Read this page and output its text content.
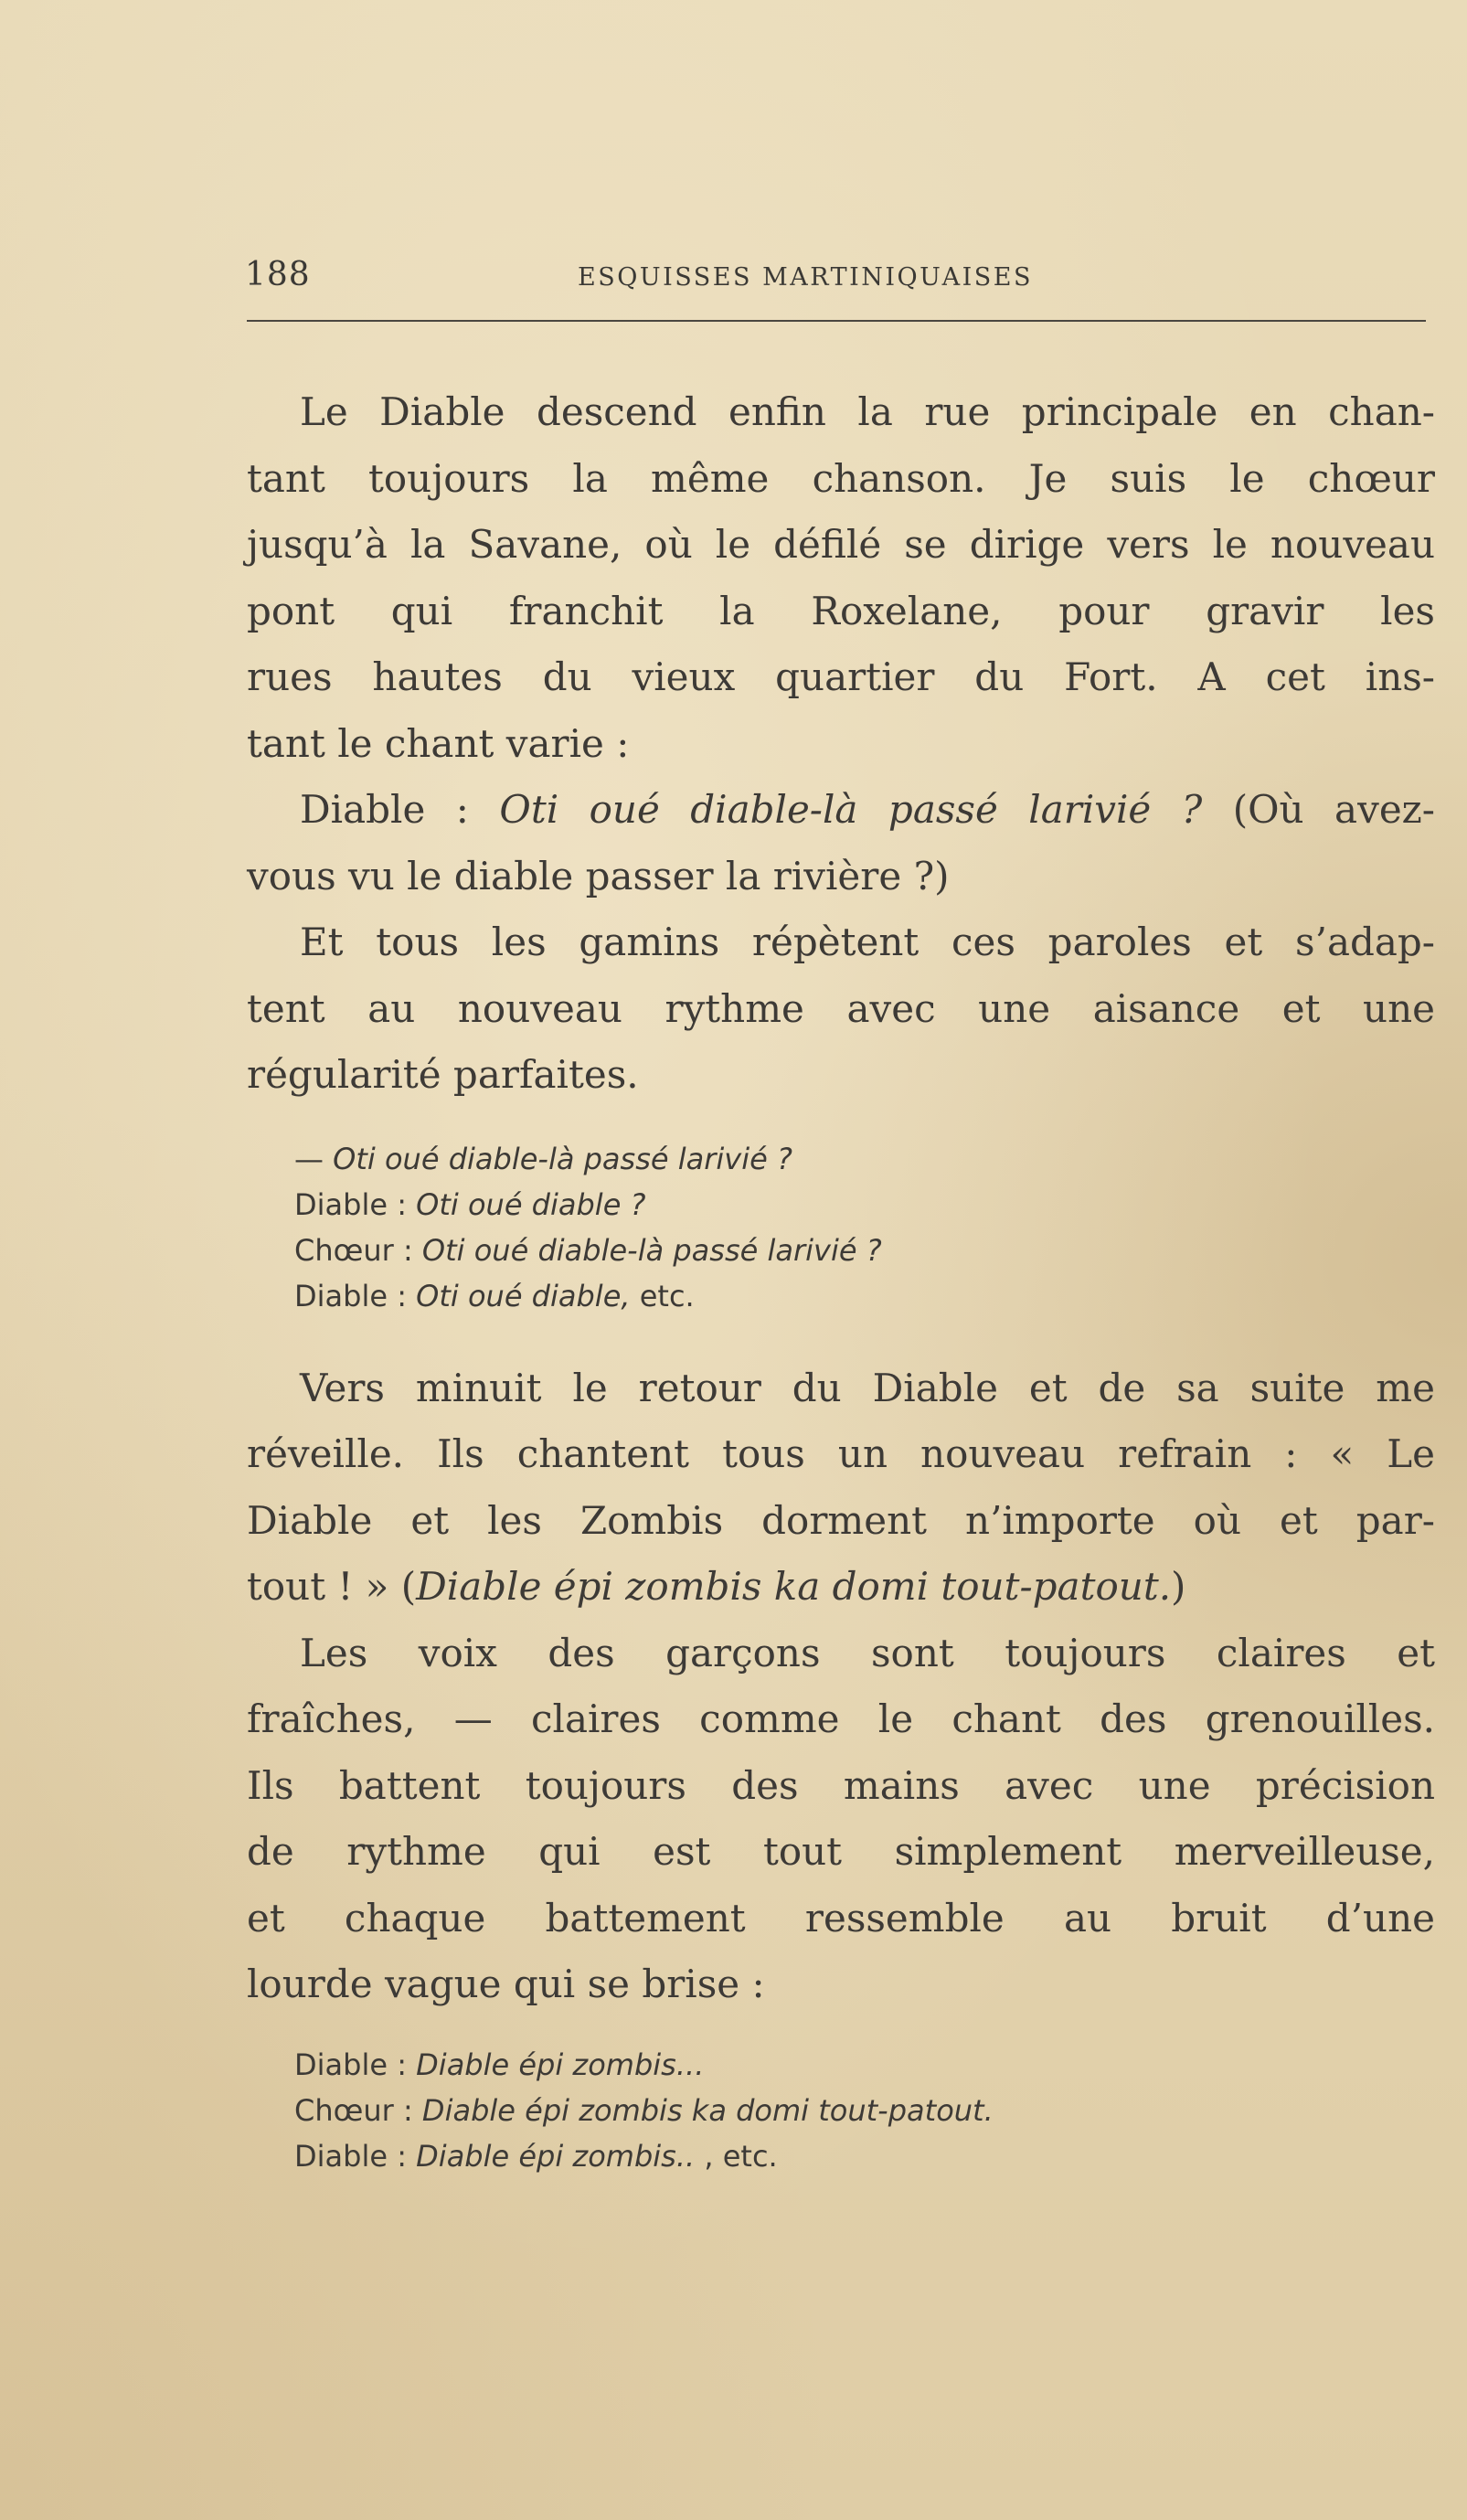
188	ESQUISSES MARTINIQUAISES
Le Diable descend enfin la rue principale en chan-
tant toujours la même chanson. Je suis le chœur
jusqu’à la Savane, où le défilé se dirige vers le nouveau
pont qui franchit la Roxelane, pour gravir les
rues hautes du vieux quartier du Fort. A cet ins-
tant le chant varie :
Diable : Oti oué diable-là passé larivié ? (Où avez-
vous vu le diable passer la rivière ?)
Et tous les gamins répètent ces paroles et s’adap-
tent au nouveau rythme avec une aisance et une
régularité parfaites.
— Oti oué diable-là passé larivié ?
Diable : Oti oué diable ?
Chœur : Oti oué diable-là passé larivié ?
Diable : Oti oué diable, etc.
Vers minuit le retour du Diable et de sa suite me
réveille. Ils chantent tous un nouveau refrain : « Le
Diable et les Zombis dorment n’importe où et par-
tout ! » (Diable épi zombis ka domi tout-patout.)
Les voix des garçons sont toujours claires et
fraîches, — claires comme le chant des grenouilles.
Ils battent toujours des mains avec une précision
de rythme qui est tout simplement merveilleuse,
et chaque battement ressemble au bruit d’une
lourde vague qui se brise :
Diable : Diable épi zombis...
Chœur : Diable épi zombis ka domi tout-patout.
Diable : Diable épi zombis.. , etc.
